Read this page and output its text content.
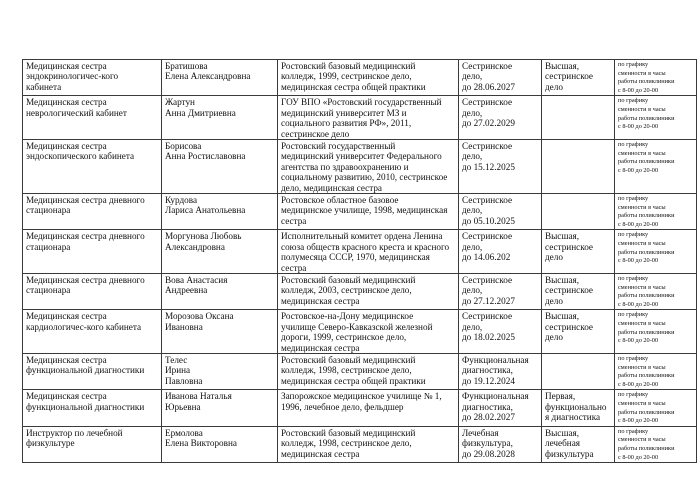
Медицинская сестра
эндокринологичес-кого
кабинета	Братишова
Елена Александровна	Ростовский базовый медицинский
колледж, 1999, сестринское дело,
медицинская сестра общей практики	Сестринское
дело,
до 28.06.2027	Высшая,
сестринское
дело	по графику
сменности в часы
работы поликлиники
с 8-00 до 20-00

Медицинская сестра
неврологический кабинет	Жартун
Анна Дмитриевна	ГОУ ВПО «Ростовский государственный
медицинский университет МЗ и
социального развития РФ», 2011,
сестринское дело	Сестринское
дело,
до 27.02.2029		по графику
сменности в часы
работы поликлиники
с 8-00 до 20-00

Медицинская сестра
эндоскопического кабинета	Борисова
Анна Ростиславовна	Ростовский государственный
медицинский университет Федерального
агентства по здравоохранению и
социальному развитию, 2010, сестринское
дело, медицинская сестра	Сестринское
дело,
до 15.12.2025		по графику
сменности в часы
работы поликлиники
с 8-00 до 20-00

Медицинская сестра дневного
стационара	Курдова
Лариса Анатольевна	Ростовское областное базовое
медицинское училище, 1998, медицинская
сестра	Сестринское
дело,
до 05.10.2025		по графику
сменности в часы
работы поликлиники
с 8-00 до 20-00

Медицинская сестра дневного
стационара	Моргунова Любовь
Александровна	Исполнительный комитет ордена Ленина
союза обществ красного креста и красного
полумесяца СССР, 1970, медицинская
сестра	Сестринское
дело,
до 14.06.202	Высшая,
сестринское
дело	по графику
сменности в часы
работы поликлиники
с 8-00 до 20-00

Медицинская сестра дневного
стационара	Вова Анастасия
Андреевна	Ростовский базовый медицинский
колледж, 2003, сестринское дело,
медицинская сестра	Сестринское
дело,
до 27.12.2027	Высшая,
сестринское
дело	по графику
сменности в часы
работы поликлиники
с 8-00 до 20-00

Медицинская сестра
кардиологичес-кого кабинета	Морозова Оксана
Ивановна	Ростовское-на-Дону медицинское
училище Северо-Кавказской железной
дороги, 1999, сестринское дело,
медицинская сестра	Сестринское
дело,
до 18.02.2025	Высшая,
сестринское
дело	по графику
сменности в часы
работы поликлиники
с 8-00 до 20-00

Медицинская сестра
функциональной диагностики	Телес
Ирина
Павловна	Ростовский базовый медицинский
колледж, 1998, сестринское дело,
медицинская сестра общей практики	Функциональная
диагностика,
до 19.12.2024		по графику
сменности в часы
работы поликлиники
с 8-00 до 20-00

Медицинская сестра
функциональной диагностики	Иванова Наталья
Юрьевна	Запорожское медицинское училище № 1,
1996, лечебное дело, фельдшер	Функциональная
диагностика,
до 28.02.2027	Первая,
функционально
я диагностика	по графику
сменности в часы
работы поликлиники
с 8-00 до 20-00

Инструктор по лечебной
физкультуре	Ермолова
Елена Викторовна	Ростовский базовый медицинский
колледж, 1998, сестринское дело,
медицинская сестра	Лечебная
физкультура,
до 29.08.2028	Высшая,
лечебная
физкультура	по графику
сменности в часы
работы поликлиники
с 8-00 до 20-00
